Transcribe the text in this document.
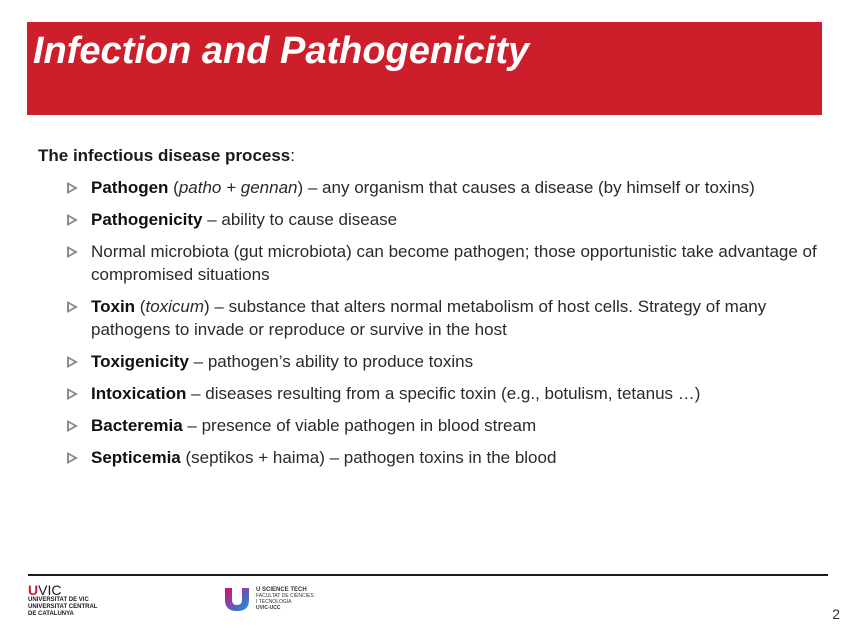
Infection and Pathogenicity

The infectious disease process:

Pathogen (patho + gennan) – any organism that causes a disease (by himself or toxins)
Pathogenicity – ability to cause disease
Normal microbiota (gut microbiota) can become pathogen; those opportunistic take advantage of compromised situations
Toxin (toxicum) – substance that alters normal metabolism of host cells. Strategy of many pathogens to invade or reproduce or survive in the host
Toxigenicity – pathogen’s ability to produce toxins
Intoxication – diseases resulting from a specific toxin (e.g., botulism, tetanus …)
Bacteremia – presence of viable pathogen in blood stream
Septicemia (septikos + haima) – pathogen toxins in the blood
UVIC
UNIVERSITAT DE VIC
UNIVERSITAT CENTRAL
DE CATALUNYA
U SCIENCE TECH
FACULTAT DE CIÈNCIES
I TECNOLOGIA
UVIC-UCC	2
